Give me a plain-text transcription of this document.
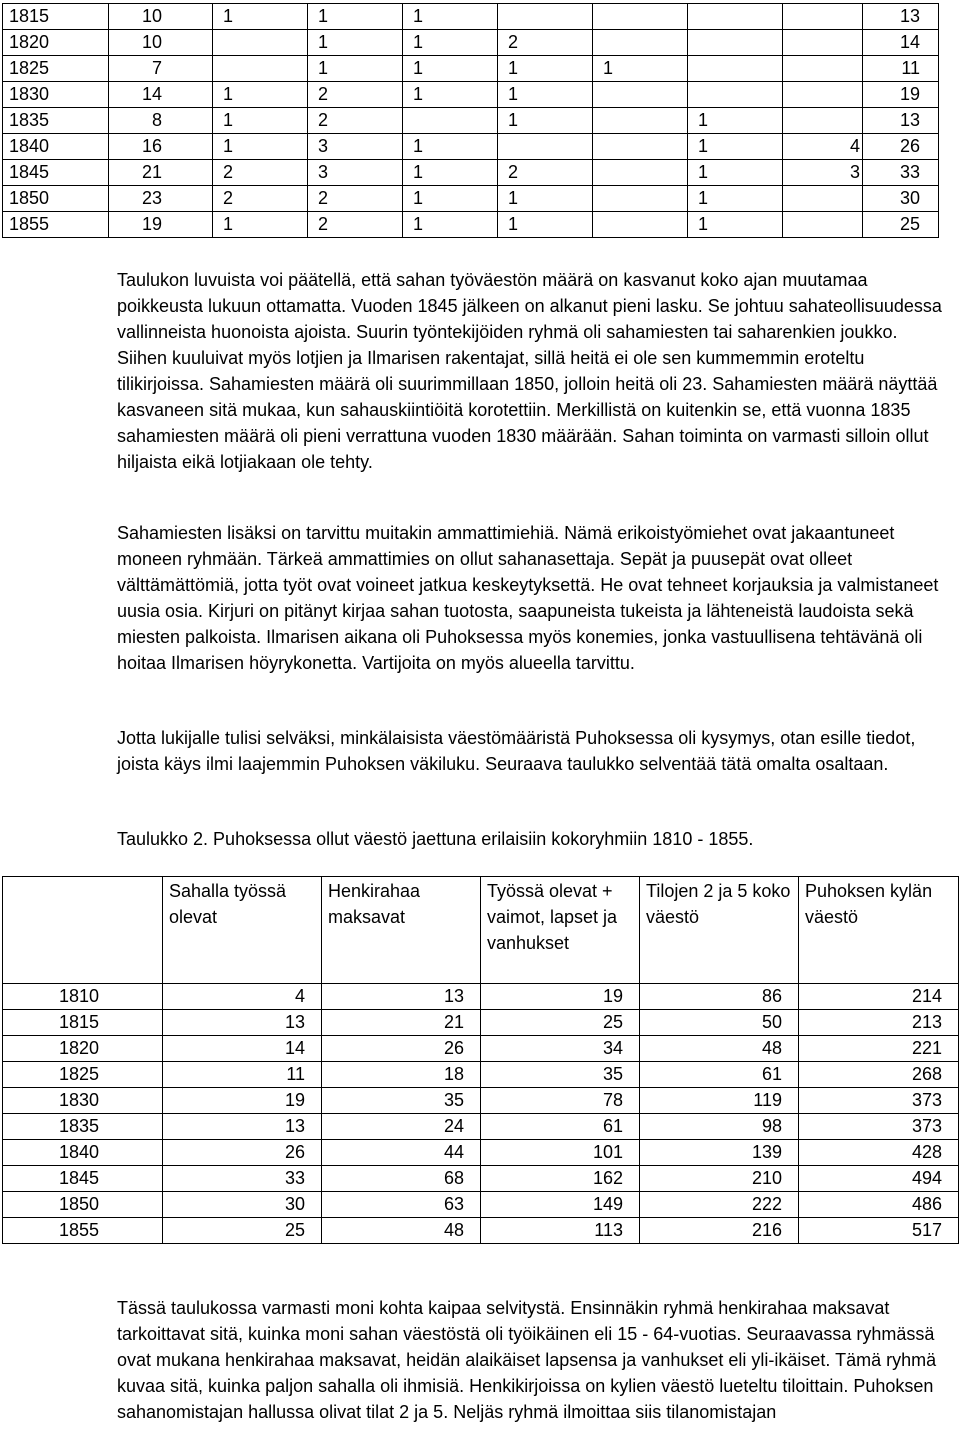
1815	10	1	1	1					13
1820	10		1	1	2				14
1825	7		1	1	1	1			11
1830	14	1	2	1	1				19
1835	8	1	2		1		1		13
1840	16	1	3	1			1	4	26
1845	21	2	3	1	2		1	3	33
1850	23	2	2	1	1		1		30
1855	19	1	2	1	1		1		25

Taulukon luvuista voi päätellä, että sahan työväestön määrä on kasvanut koko ajan muutamaa poikkeusta lukuun ottamatta. Vuoden 1845 jälkeen on alkanut pieni lasku. Se johtuu sahateollisuudessa vallinneista huonoista ajoista. Suurin työntekijöiden ryhmä oli sahamiesten tai saharenkien joukko. Siihen kuuluivat myös lotjien ja Ilmarisen rakentajat, sillä heitä ei ole sen kummemmin eroteltu tilikirjoissa. Sahamiesten määrä oli suurimmillaan 1850, jolloin heitä oli 23. Sahamiesten määrä näyttää kasvaneen sitä mukaa, kun sahauskiintiöitä korotettiin. Merkillistä on kuitenkin se, että vuonna 1835 sahamiesten määrä oli pieni verrattuna vuoden 1830 määrään. Sahan toiminta on varmasti silloin ollut hiljaista eikä lotjiakaan ole tehty.

Sahamiesten lisäksi on tarvittu muitakin ammattimiehiä. Nämä erikoistyömiehet ovat jakaantuneet moneen ryhmään. Tärkeä ammattimies on ollut sahanasettaja. Sepät ja puusepät ovat olleet välttämättömiä, jotta työt ovat voineet jatkua keskeytyksettä. He ovat tehneet korjauksia ja valmistaneet uusia osia. Kirjuri on pitänyt kirjaa sahan tuotosta, saapuneista tukeista ja lähteneistä laudoista sekä miesten palkoista. Ilmarisen aikana oli Puhoksessa myös konemies, jonka vastuullisena tehtävänä oli hoitaa Ilmarisen höyrykonetta. Vartijoita on myös alueella tarvittu.

Jotta lukijalle tulisi selväksi, minkälaisista väestömääristä Puhoksessa oli kysymys, otan esille tiedot, joista käys ilmi laajemmin Puhoksen väkiluku. Seuraava taulukko selventää tätä omalta osaltaan.

Taulukko 2. Puhoksessa ollut väestö jaettuna erilaisiin kokoryhmiin 1810 - 1855.

	Sahalla työssä olevat	Henkirahaa maksavat	Työssä olevat + vaimot, lapset ja vanhukset	Tilojen 2 ja 5 koko väestö	Puhoksen kylän väestö
1810	4	13	19	86	214
1815	13	21	25	50	213
1820	14	26	34	48	221
1825	11	18	35	61	268
1830	19	35	78	119	373
1835	13	24	61	98	373
1840	26	44	101	139	428
1845	33	68	162	210	494
1850	30	63	149	222	486
1855	25	48	113	216	517

Tässä taulukossa varmasti moni kohta kaipaa selvitystä. Ensinnäkin ryhmä henkirahaa maksavat tarkoittavat sitä, kuinka moni sahan väestöstä oli työikäinen eli 15 - 64-vuotias. Seuraavassa ryhmässä ovat mukana henkirahaa maksavat, heidän alaikäiset lapsensa ja vanhukset eli yli-ikäiset. Tämä ryhmä kuvaa sitä, kuinka paljon sahalla oli ihmisiä. Henkikirjoissa on kylien väestö lueteltu tiloittain. Puhoksen sahanomistajan hallussa olivat tilat 2 ja 5. Neljäs ryhmä ilmoittaa siis tilanomistajan
